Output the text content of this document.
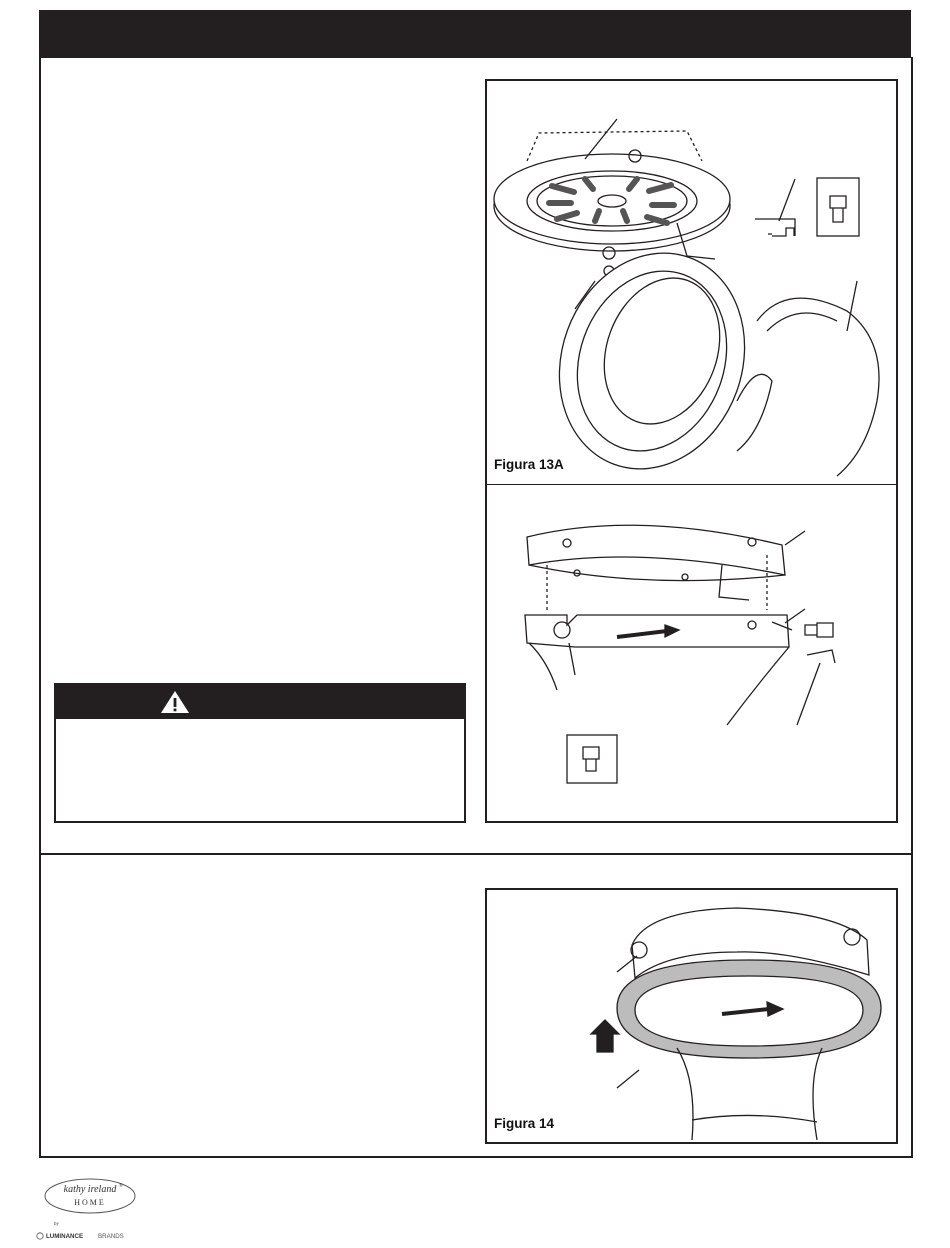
Figura 13A
Figura 14
kathy ireland ®
HOME
by
LUMINANCE BRANDS
